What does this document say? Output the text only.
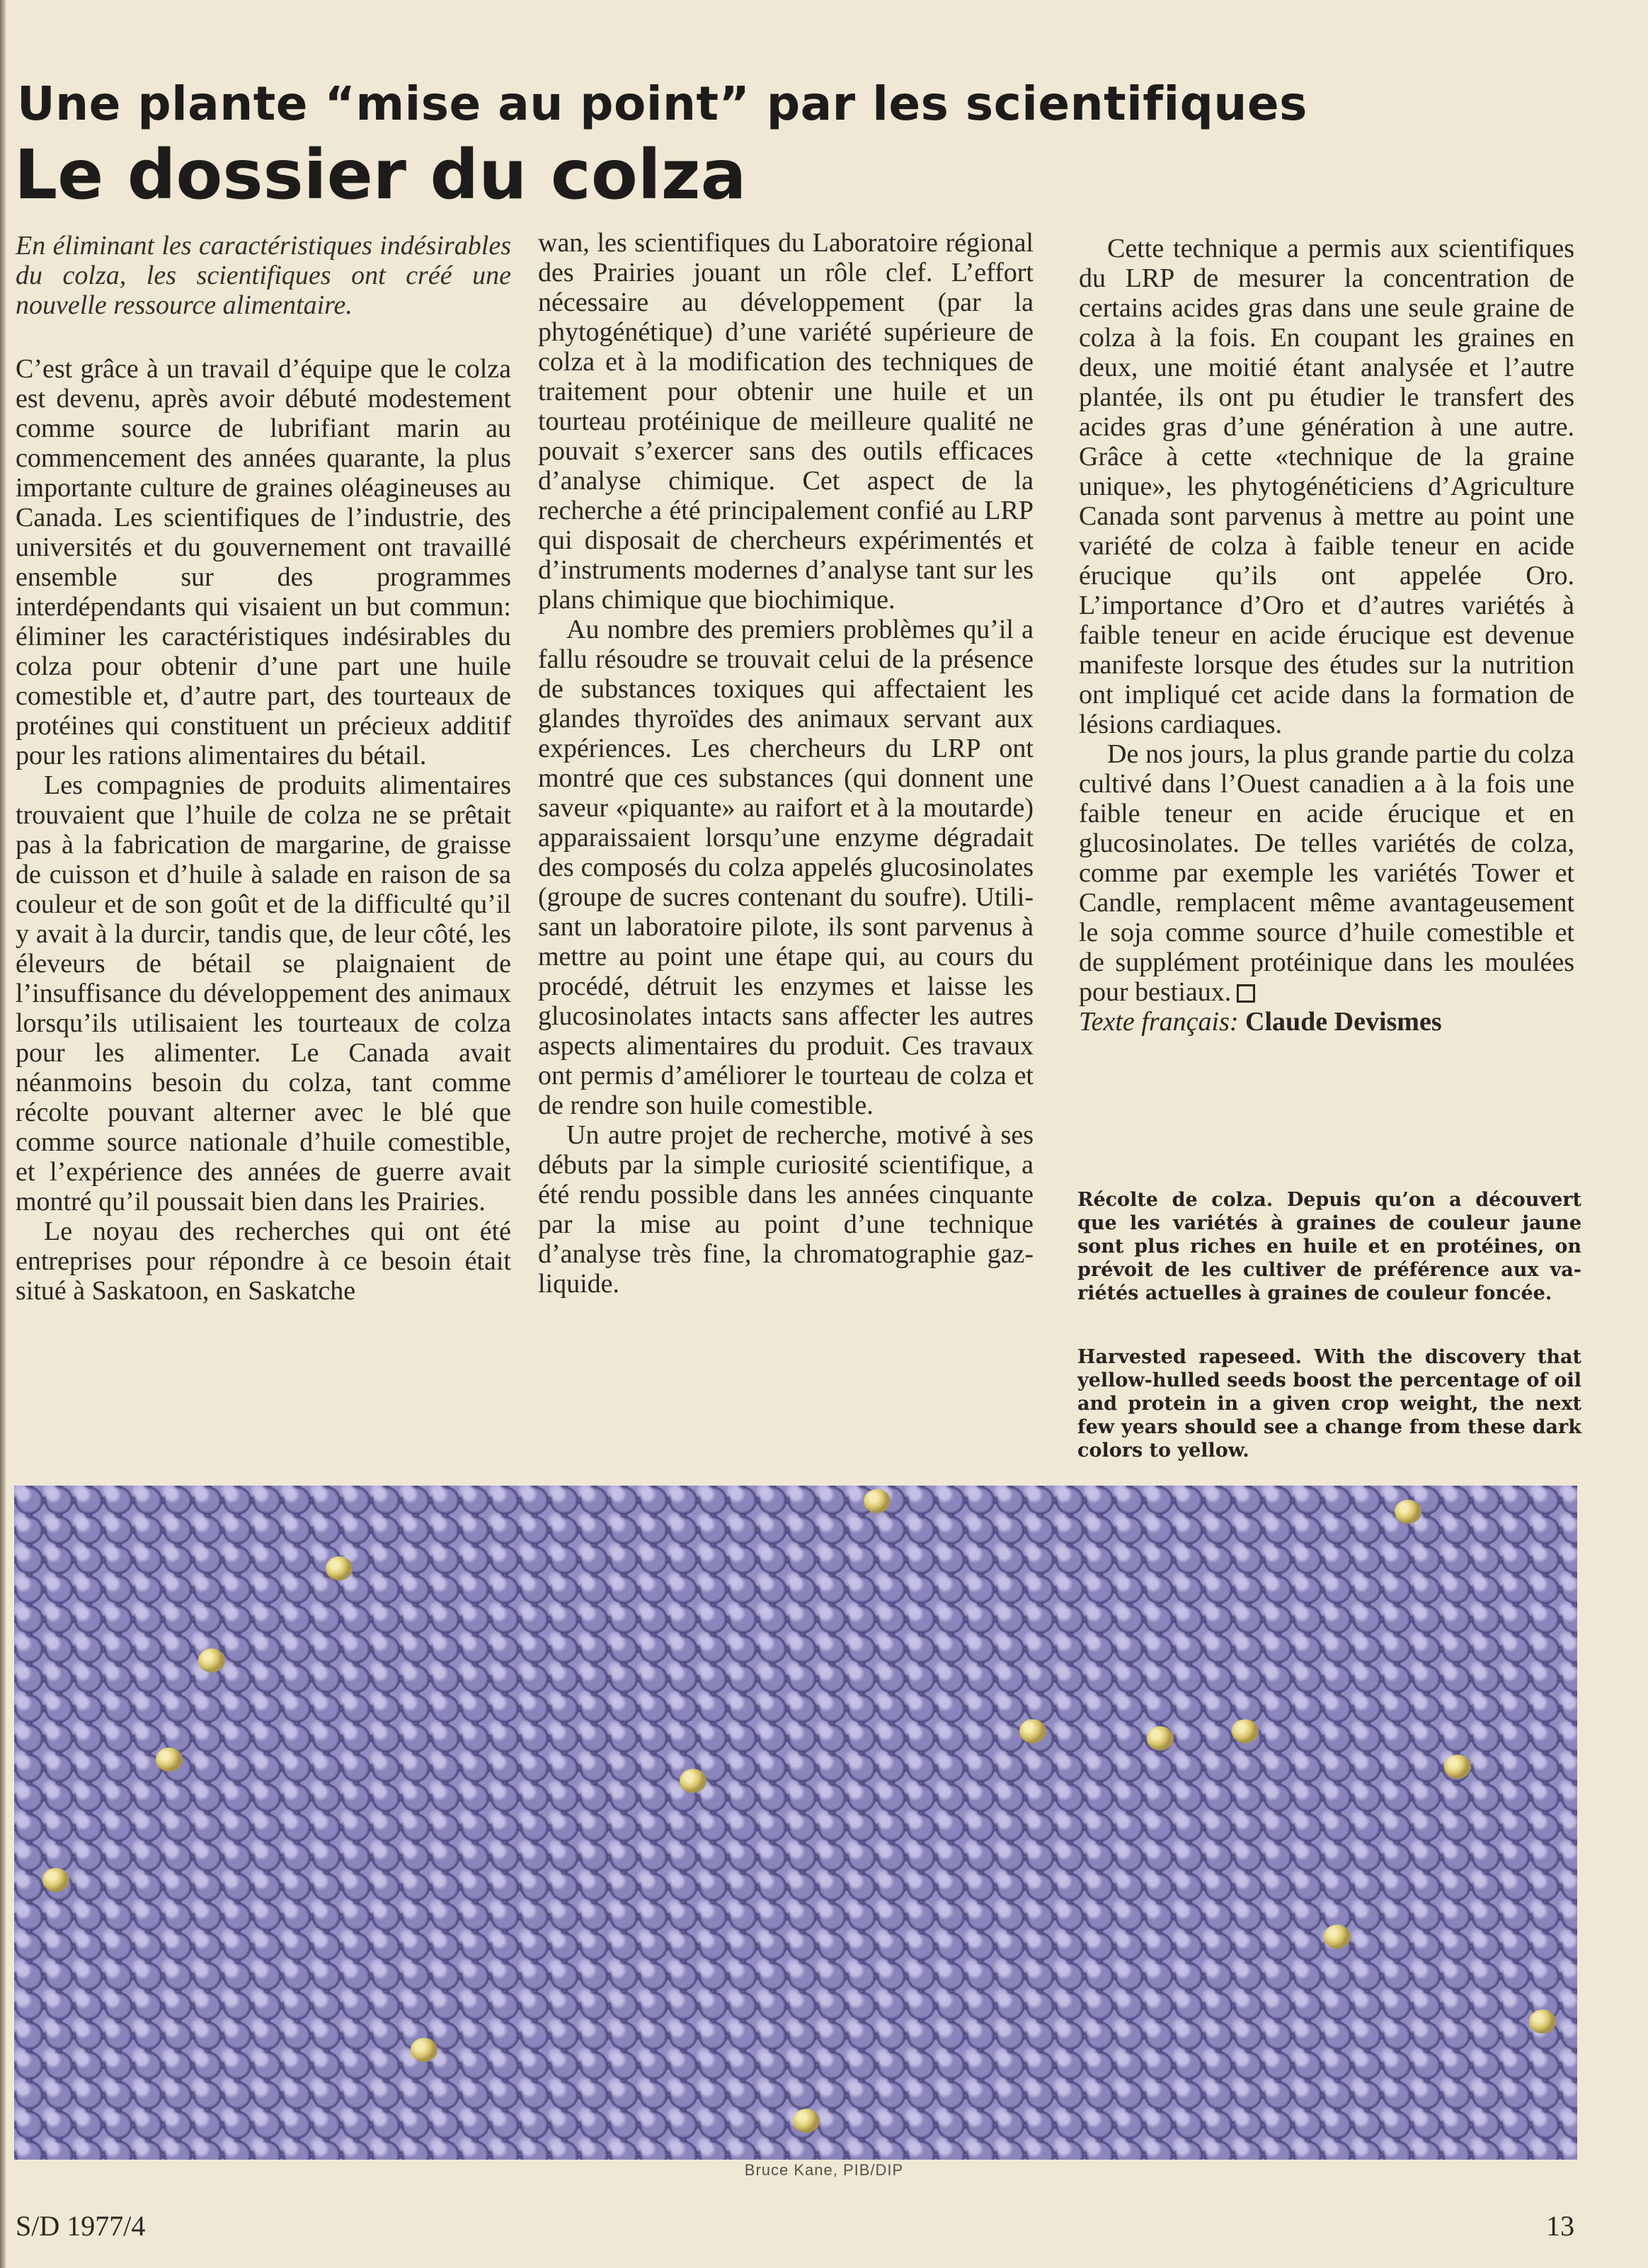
Une plante “mise au point” par les scientifiques
Le dossier du colza

En éliminant les caractéristiques indésirables du colza, les scientifiques ont créé une nouvelle ressource alimentaire.

C’est grâce à un travail d’équipe que le colza est devenu, après avoir débuté modestement comme source de lubrifiant marin au commencement des années quarante, la plus importante culture de graines oléagineuses au Canada. Les scientifiques de l’industrie, des universités et du gouvernement ont travaillé ensemble sur des programmes interdépendants qui visaient un but commun: éliminer les caractéristiques indésirables du colza pour obtenir d’une part une huile comestible et, d’autre part, des tourteaux de protéines qui constituent un précieux additif pour les rations alimentaires du bétail.

Les compagnies de produits alimentaires trouvaient que l’huile de colza ne se prêtait pas à la fabrication de margarine, de graisse de cuisson et d’huile à salade en raison de sa couleur et de son goût et de la difficulté qu’il y avait à la durcir, tandis que, de leur côté, les éleveurs de bétail se plaignaient de l’insuffisance du développement des animaux lorsqu’ils utilisaient les tourteaux de colza pour les alimenter. Le Canada avait néanmoins besoin du colza, tant comme récolte pouvant alterner avec le blé que comme source nationale d’huile comestible, et l’expérience des années de guerre avait montré qu’il poussait bien dans les Prairies.

Le noyau des recherches qui ont été entreprises pour répondre à ce besoin était situé à Saskatoon, en Saskatche

wan, les scientifiques du Laboratoire régional des Prairies jouant un rôle clef. L’effort nécessaire au développement (par la phytogénétique) d’une variété supérieure de colza et à la modification des techniques de traitement pour obtenir une huile et un tourteau protéinique de meilleure qualité ne pouvait s’exercer sans des outils efficaces d’analyse chimique. Cet aspect de la recherche a été principalement confié au LRP qui disposait de chercheurs expérimentés et d’instruments modernes d’analyse tant sur les plans chimique que biochimique.

Au nombre des premiers problèmes qu’il a fallu résoudre se trouvait celui de la présence de substances toxiques qui affectaient les glandes thyroïdes des animaux servant aux expériences. Les chercheurs du LRP ont montré que ces substances (qui donnent une saveur «piquante» au raifort et à la moutarde) apparaissaient lorsqu’une enzyme dégradait des composés du colza appelés glucosinolates (groupe de sucres contenant du soufre). Utilisant un laboratoire pilote, ils sont parvenus à mettre au point une étape qui, au cours du procédé, détruit les enzymes et laisse les glucosinolates intacts sans affecter les autres aspects alimentaires du produit. Ces travaux ont permis d’améliorer le tourteau de colza et de rendre son huile comestible.

Un autre projet de recherche, motivé à ses débuts par la simple curiosité scientifique, a été rendu possible dans les années cinquante par la mise au point d’une technique d’analyse très fine, la chromatographie gaz-liquide.

Cette technique a permis aux scientifiques du LRP de mesurer la concentration de certains acides gras dans une seule graine de colza à la fois. En coupant les graines en deux, une moitié étant analysée et l’autre plantée, ils ont pu étudier le transfert des acides gras d’une génération à une autre. Grâce à cette «technique de la graine unique», les phytogénéticiens d’Agriculture Canada sont parvenus à mettre au point une variété de colza à faible teneur en acide érucique qu’ils ont appelée Oro. L’importance d’Oro et d’autres variétés à faible teneur en acide érucique est devenue manifeste lorsque des études sur la nutrition ont impliqué cet acide dans la formation de lésions cardiaques.

De nos jours, la plus grande partie du colza cultivé dans l’Ouest canadien a à la fois une faible teneur en acide érucique et en glucosinolates. De telles variétés de colza, comme par exemple les variétés Tower et Candle, remplacent même avantageusement le soja comme source d’huile comestible et de supplément protéinique dans les moulées pour bestiaux.

Texte français: Claude Devismes

Récolte de colza. Depuis qu’on a découvert que les variétés à graines de couleur jaune sont plus riches en huile et en protéines, on prévoit de les cultiver de préférence aux variétés actuelles à graines de couleur foncée.
Harvested rapeseed. With the discovery that yellow-hulled seeds boost the percentage of oil and protein in a given crop weight, the next few years should see a change from these dark colors to yellow.
Bruce Kane, PIB/DIP
S/D 1977/4	13
